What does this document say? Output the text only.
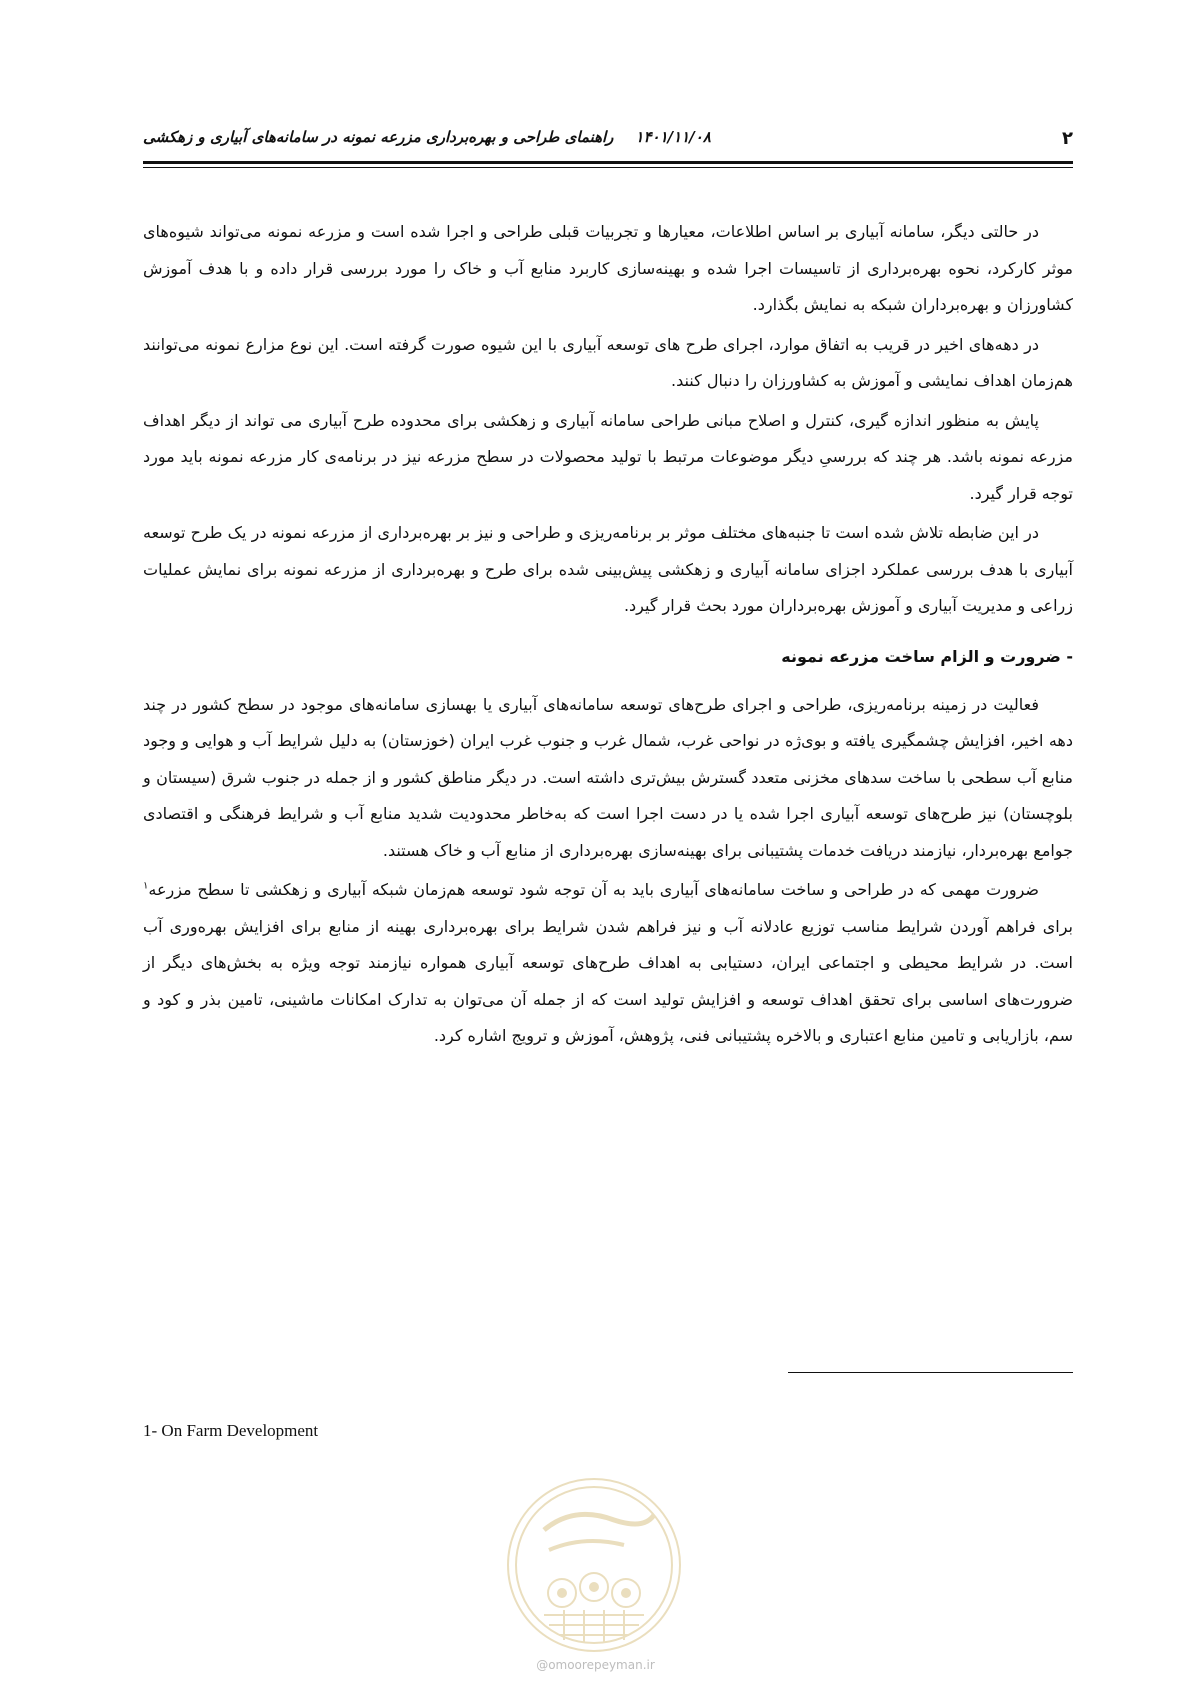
۲
۱۴۰۱/۱۱/۰۸راهنمای طراحی و بهره‌برداری مزرعه نمونه در سامانه‌های آبیاری و زهکشی

در حالتی دیگر، سامانه آبیاری بر اساس اطلاعات، معیارها و تجربیات قبلی طراحی و اجرا شده است و مزرعه نمونه می‌تواند شیوه‌های موثر کارکرد، نحوه بهره‌برداری از تاسیسات اجرا شده و بهینه‌سازی کاربرد منابع آب و خاک را مورد بررسی قرار داده و با هدف آموزش کشاورزان و بهره‌برداران شبکه به نمایش بگذارد.

در دهه‌های اخیر در قریب به اتفاق موارد، اجرای طرح های توسعه آبیاری با این شیوه صورت گرفته است. این نوع مزارع نمونه می‌توانند هم‌زمان اهداف نمایشی و آموزش به کشاورزان را دنبال کنند.

پایش به منظور اندازه گیری، کنترل و اصلاح مبانی طراحی سامانه آبیاری و زهکشی برای محدوده طرح آبیاری می تواند از دیگر اهداف مزرعه نمونه باشد. هر چند که بررسیِ دیگر موضوعات مرتبط با تولید محصولات در سطح مزرعه نیز در برنامه‌ی کار مزرعه نمونه باید مورد توجه قرار گیرد.

در این ضابطه تلاش شده است تا جنبه‌های مختلف موثر بر برنامه‌ریزی و طراحی و نیز بر بهره‌برداری از مزرعه نمونه در یک طرح توسعه آبیاری با هدف بررسی عملکرد اجزای سامانه آبیاری و زهکشی پیش‌بینی شده برای طرح و بهره‌برداری از مزرعه نمونه برای نمایش عملیات زراعی و مدیریت آبیاری و آموزش بهره‌برداران مورد بحث قرار گیرد.

- ضرورت و الزام ساخت مزرعه نمونه

فعالیت در زمینه برنامه‌ریزی، طراحی و اجرای طرح‌های توسعه سامانه‌های آبیاری یا بهسازی سامانه‌های موجود در سطح کشور در چند دهه اخیر، افزایش چشمگیری یافته و بوی‌ژه در نواحی غرب، شمال غرب و جنوب غرب ایران (خوزستان) به دلیل شرایط آب و هوایی و وجود منابع آب سطحی با ساخت سدهای مخزنی متعدد گسترش بیش‌تری داشته است. در دیگر مناطق کشور و از جمله در جنوب شرق (سیستان و بلوچستان) نیز طرح‌های توسعه آبیاری اجرا شده یا در دست اجرا است که به‌خاطر محدودیت شدید منابع آب و شرایط فرهنگی و اقتصادی جوامع بهره‌بردار، نیازمند دریافت خدمات پشتیبانی برای بهینه‌سازی بهره‌برداری از منابع آب و خاک هستند.

ضرورت مهمی که در طراحی و ساخت سامانه‌های آبیاری باید به آن توجه شود توسعه هم‌زمان شبکه آبیاری و زهکشی تا سطح مزرعه$^۱$ برای فراهم آوردن شرایط مناسب توزیع عادلانه آب و نیز فراهم شدن شرایط برای بهره‌برداری بهینه از منابع برای افزایش بهره‌وری آب است. در شرایط محیطی و اجتماعی ایران، دستیابی به اهداف طرح‌های توسعه آبیاری همواره نیازمند توجه ویژه به بخش‌های دیگر از ضرورت‌های اساسی برای تحقق اهداف توسعه و افزایش تولید است که از جمله آن می‌توان به تدارک امکانات ماشینی، تامین بذر و کود و سم، بازاریابی و تامین منابع اعتباری و بالاخره پشتیبانی فنی، پژوهش، آموزش و ترویج اشاره کرد.

1- On Farm Development
@omoorepeyman.ir
